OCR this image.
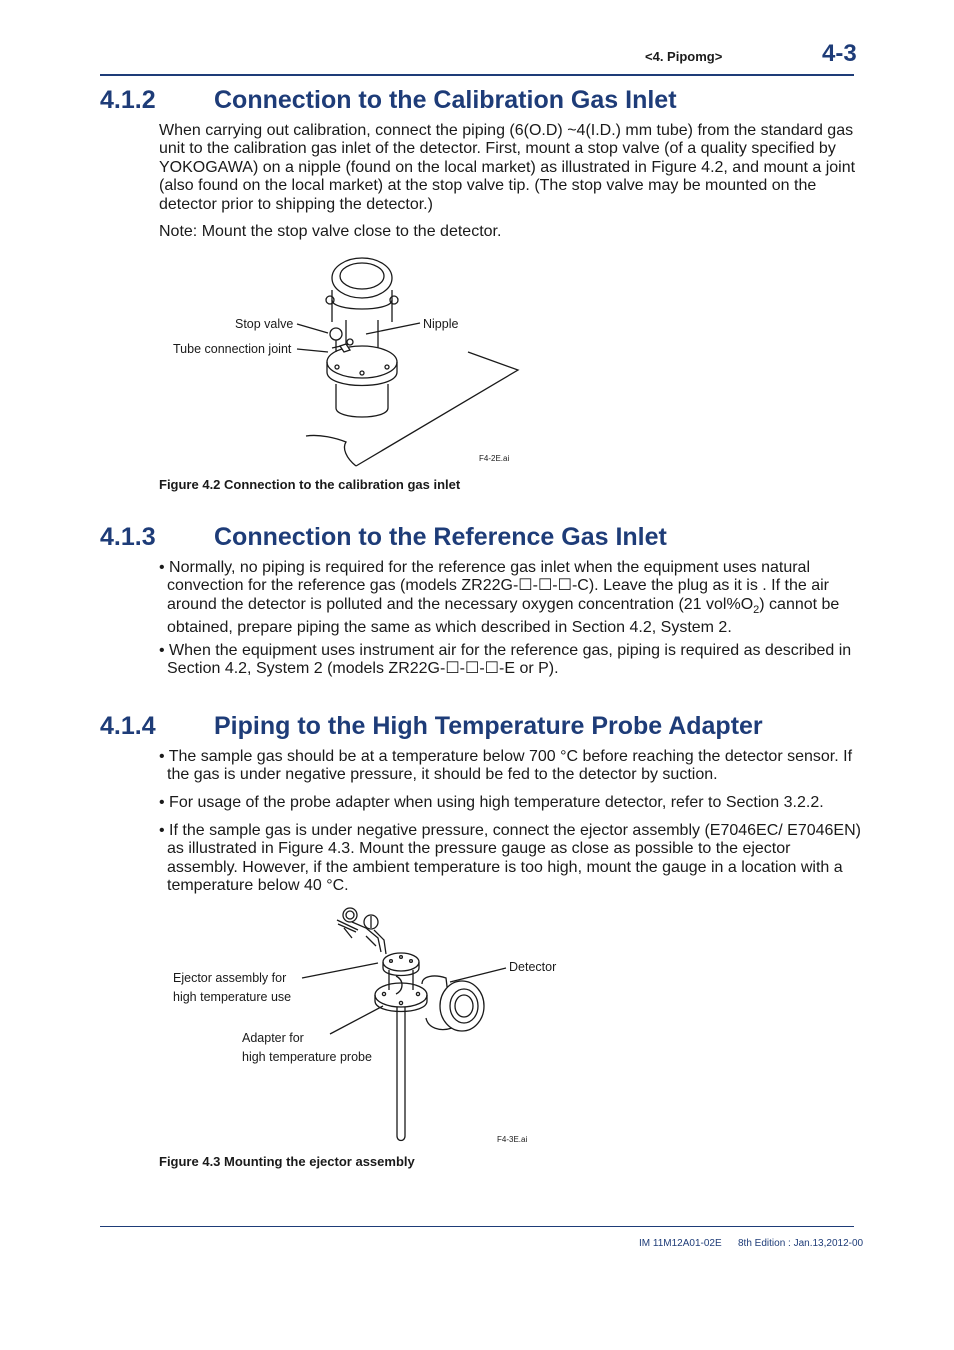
<4. Pipomg>	4-3
4.1.2 Connection to the Calibration Gas Inlet
When carrying out calibration, connect the piping (6(O.D) ~4(I.D.) mm tube) from the standard gas unit to the calibration gas inlet of the detector. First, mount a stop valve (of a quality specified by YOKOGAWA) on a nipple (found on the local market) as illustrated in Figure 4.2, and mount a joint (also found on the local market) at the stop valve tip. (The stop valve may be mounted on the detector prior to shipping the detector.)
Note: Mount the stop valve close to the detector.
Stop valve	Nipple
Tube connection joint
F4-2E.ai
Figure 4.2 Connection to the calibration gas inlet
4.1.3 Connection to the Reference Gas Inlet
• Normally, no piping is required for the reference gas inlet when the equipment uses natural convection for the reference gas (models ZR22G-☐-☐-☐-C). Leave the plug as it is . If the air around the detector is polluted and the necessary oxygen concentration (21 $vol\%O_2$) cannot be obtained, prepare piping the same as which described in Section 4.2, System 2.
• When the equipment uses instrument air for the reference gas, piping is required as described in Section 4.2, System 2 (models ZR22G-☐-☐-☐-E or P).
4.1.4 Piping to the High Temperature Probe Adapter
• The sample gas should be at a temperature below 700 °C before reaching the detector sensor. If the gas is under negative pressure, it should be fed to the detector by suction.
• For usage of the probe adapter when using high temperature detector, refer to Section 3.2.2.
• If the sample gas is under negative pressure, connect the ejector assembly (E7046EC/ E7046EN) as illustrated in Figure 4.3. Mount the pressure gauge as close as possible to the ejector assembly. However, if the ambient temperature is too high, mount the gauge in a location with a temperature below 40 °C.
Ejector assembly for
high temperature use
Detector
Adapter for
high temperature probe
F4-3E.ai
Figure 4.3 Mounting the ejector assembly
IM 11M12A01-02E 8th Edition : Jan.13,2012-00
